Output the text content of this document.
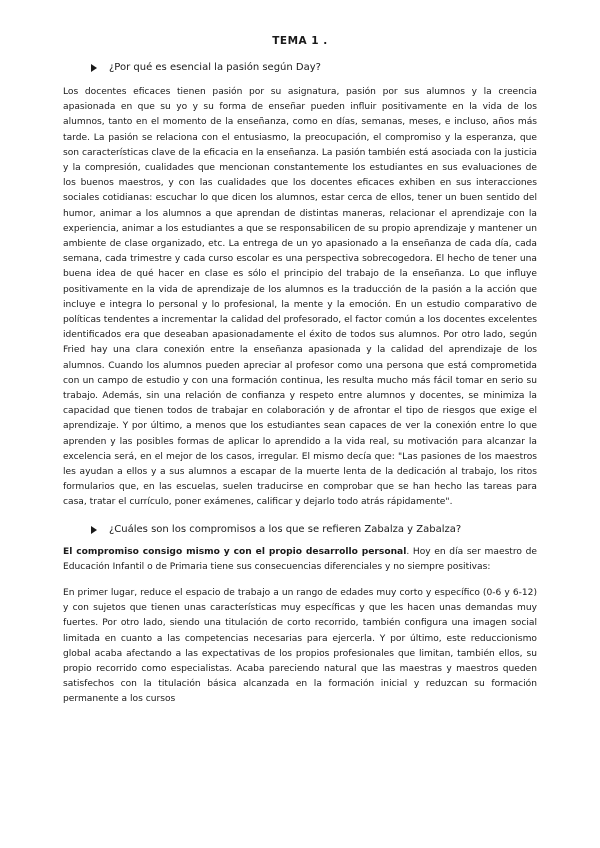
TEMA 1 .
¿Por qué es esencial la pasión según Day?

Los docentes eficaces tienen pasión por su asignatura, pasión por sus alumnos y la creencia apasionada en que su yo y su forma de enseñar pueden influir positivamente en la vida de los alumnos, tanto en el momento de la enseñanza, como en días, semanas, meses, e incluso, años más tarde. La pasión se relaciona con el entusiasmo, la preocupación, el compromiso y la esperanza, que son características clave de la eficacia en la enseñanza. La pasión también está asociada con la justicia y la compresión, cualidades que mencionan constantemente los estudiantes en sus evaluaciones de los buenos maestros, y con las cualidades que los docentes eficaces exhiben en sus interacciones sociales cotidianas: escuchar lo que dicen los alumnos, estar cerca de ellos, tener un buen sentido del humor, animar a los alumnos a que aprendan de distintas maneras, relacionar el aprendizaje con la experiencia, animar a los estudiantes a que se responsabilicen de su propio aprendizaje y mantener un ambiente de clase organizado, etc. La entrega de un yo apasionado a la enseñanza de cada día, cada semana, cada trimestre y cada curso escolar es una perspectiva sobrecogedora. El hecho de tener una buena idea de qué hacer en clase es sólo el principio del trabajo de la enseñanza. Lo que influye positivamente en la vida de aprendizaje de los alumnos es la traducción de la pasión a la acción que incluye e integra lo personal y lo profesional, la mente y la emoción. En un estudio comparativo de políticas tendentes a incrementar la calidad del profesorado, el factor común a los docentes excelentes identificados era que deseaban apasionadamente el éxito de todos sus alumnos. Por otro lado, según Fried hay una clara conexión entre la enseñanza apasionada y la calidad del aprendizaje de los alumnos. Cuando los alumnos pueden apreciar al profesor como una persona que está comprometida con un campo de estudio y con una formación continua, les resulta mucho más fácil tomar en serio su trabajo. Además, sin una relación de confianza y respeto entre alumnos y docentes, se minimiza la capacidad que tienen todos de trabajar en colaboración y de afrontar el tipo de riesgos que exige el aprendizaje. Y por último, a menos que los estudiantes sean capaces de ver la conexión entre lo que aprenden y las posibles formas de aplicar lo aprendido a la vida real, su motivación para alcanzar la excelencia será, en el mejor de los casos, irregular. El mismo decía que: "Las pasiones de los maestros les ayudan a ellos y a sus alumnos a escapar de la muerte lenta de la dedicación al trabajo, los ritos formularios que, en las escuelas, suelen traducirse en comprobar que se han hecho las tareas para casa, tratar el currículo, poner exámenes, calificar y dejarlo todo atrás rápidamente".

¿Cuáles son los compromisos a los que se refieren Zabalza y Zabalza?

El compromiso consigo mismo y con el propio desarrollo personal. Hoy en día ser maestro de Educación Infantil o de Primaria tiene sus consecuencias diferenciales y no siempre positivas:

En primer lugar, reduce el espacio de trabajo a un rango de edades muy corto y específico (0-6 y 6-12) y con sujetos que tienen unas características muy específicas y que les hacen unas demandas muy fuertes. Por otro lado, siendo una titulación de corto recorrido, también configura una imagen social limitada en cuanto a las competencias necesarias para ejercerla. Y por último, este reduccionismo global acaba afectando a las expectativas de los propios profesionales que limitan, también ellos, su propio recorrido como especialistas. Acaba pareciendo natural que las maestras y maestros queden satisfechos con la titulación básica alcanzada en la formación inicial y reduzcan su formación permanente a los cursos
